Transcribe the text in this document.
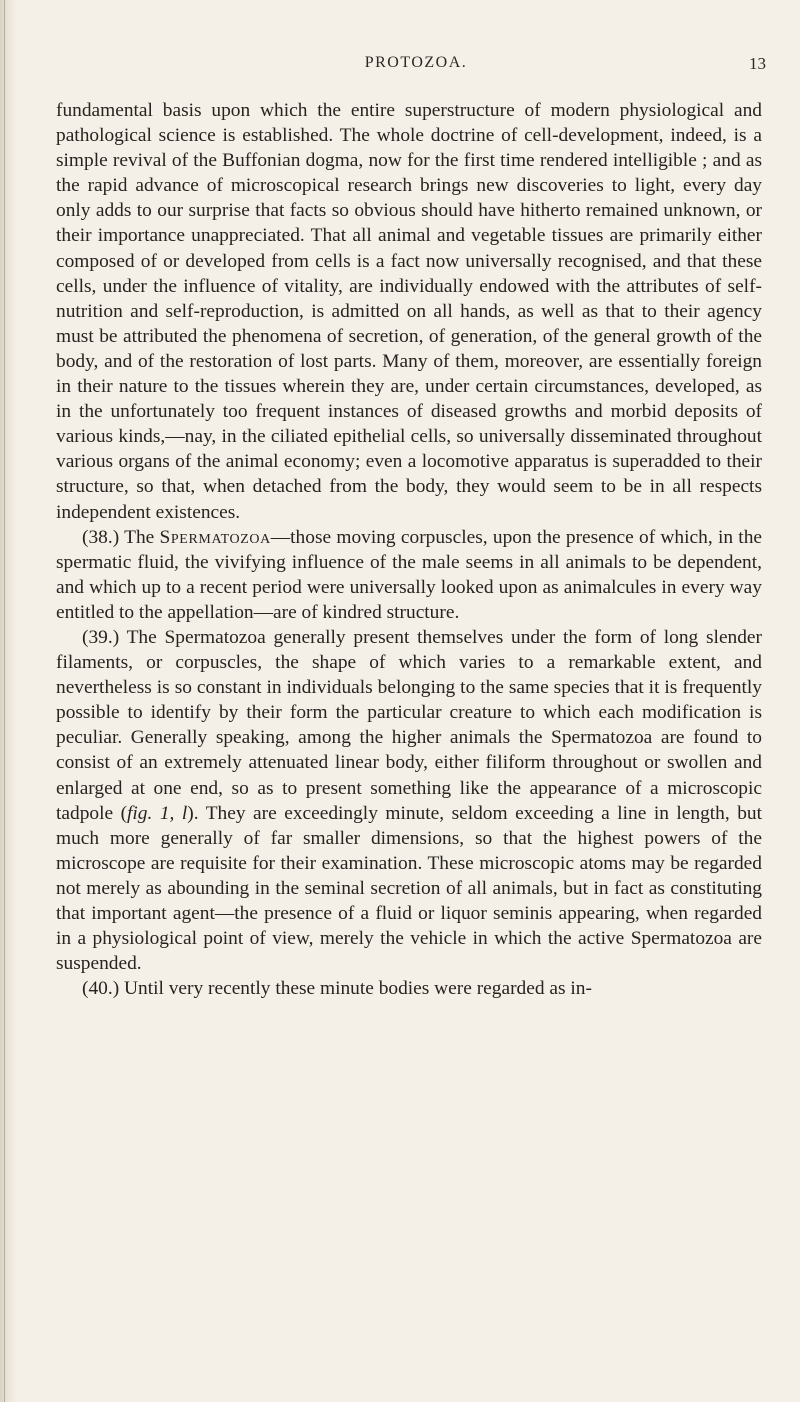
PROTOZOA.	13

fundamental basis upon which the entire superstructure of modern physiological and pathological science is established. The whole doctrine of cell-development, indeed, is a simple revival of the Buffonian dogma, now for the first time rendered intelligible ; and as the rapid advance of microscopical research brings new discoveries to light, every day only adds to our surprise that facts so obvious should have hitherto remained unknown, or their importance unappreciated. That all animal and vegetable tissues are primarily either composed of or developed from cells is a fact now universally recognised, and that these cells, under the influence of vitality, are individually endowed with the attributes of self-nutrition and self-reproduction, is admitted on all hands, as well as that to their agency must be attributed the phenomena of secretion, of generation, of the general growth of the body, and of the restoration of lost parts. Many of them, moreover, are essentially foreign in their nature to the tissues wherein they are, under certain circumstances, developed, as in the unfortunately too frequent instances of diseased growths and morbid deposits of various kinds,—nay, in the ciliated epithelial cells, so universally disseminated throughout various organs of the animal economy; even a locomotive apparatus is superadded to their structure, so that, when detached from the body, they would seem to be in all respects independent existences.

(38.) The Spermatozoa—those moving corpuscles, upon the presence of which, in the spermatic fluid, the vivifying influence of the male seems in all animals to be dependent, and which up to a recent period were universally looked upon as animalcules in every way entitled to the appellation—are of kindred structure.

(39.) The Spermatozoa generally present themselves under the form of long slender filaments, or corpuscles, the shape of which varies to a remarkable extent, and nevertheless is so constant in individuals belonging to the same species that it is frequently possible to identify by their form the particular creature to which each modification is peculiar. Generally speaking, among the higher animals the Spermatozoa are found to consist of an extremely attenuated linear body, either filiform throughout or swollen and enlarged at one end, so as to present something like the appearance of a microscopic tadpole (fig. 1, l). They are exceedingly minute, seldom exceeding a line in length, but much more generally of far smaller dimensions, so that the highest powers of the microscope are requisite for their examination. These microscopic atoms may be regarded not merely as abounding in the seminal secretion of all animals, but in fact as constituting that important agent—the presence of a fluid or liquor seminis appearing, when regarded in a physiological point of view, merely the vehicle in which the active Spermatozoa are suspended.

(40.) Until very recently these minute bodies were regarded as in-
